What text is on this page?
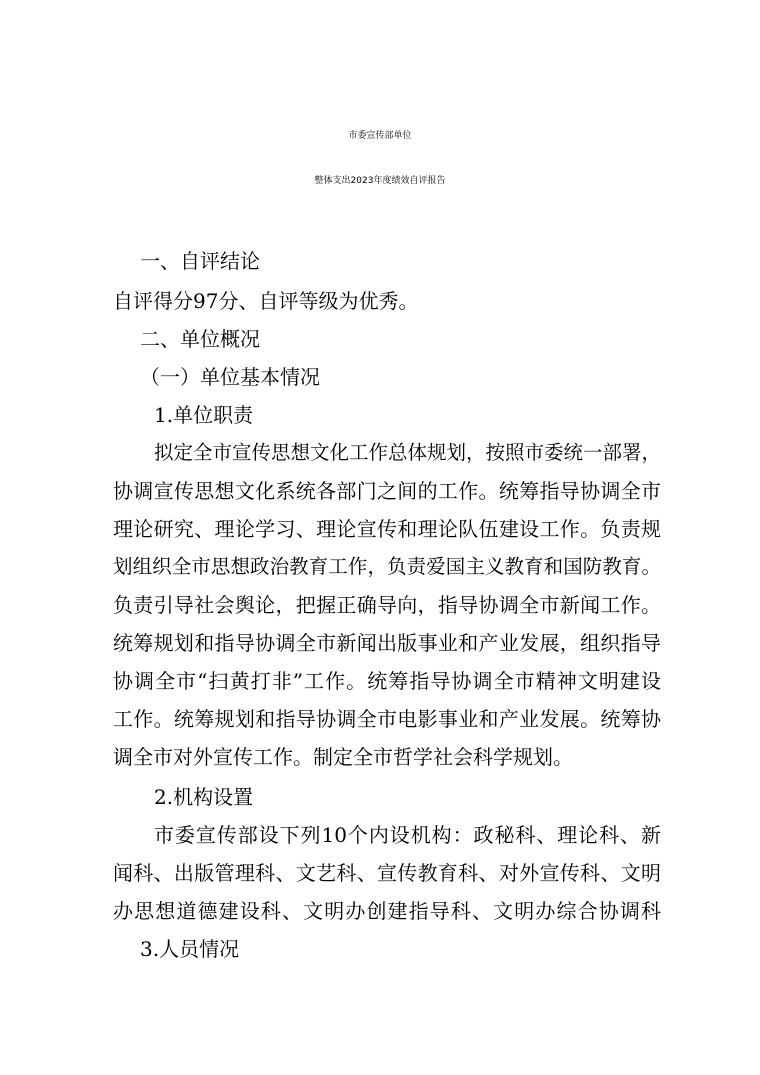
市委宣传部单位
整体支出2023年度绩效自评报告
一、自评结论
自评得分97分、自评等级为优秀。
二、单位概况
（一）单位基本情况
1.单位职责
拟定全市宣传思想文化工作总体规划，按照市委统一部署，
协调宣传思想文化系统各部门之间的工作。统筹指导协调全市
理论研究、理论学习、理论宣传和理论队伍建设工作。负责规
划组织全市思想政治教育工作，负责爱国主义教育和国防教育。
负责引导社会舆论，把握正确导向，指导协调全市新闻工作。
统筹规划和指导协调全市新闻出版事业和产业发展，组织指导
协调全市“扫黄打非”工作。统筹指导协调全市精神文明建设
工作。统筹规划和指导协调全市电影事业和产业发展。统筹协
调全市对外宣传工作。制定全市哲学社会科学规划。
2.机构设置
市委宣传部设下列10个内设机构：政秘科、理论科、新
闻科、出版管理科、文艺科、宣传教育科、对外宣传科、文明
办思想道德建设科、文明办创建指导科、文明办综合协调科
3.人员情况
